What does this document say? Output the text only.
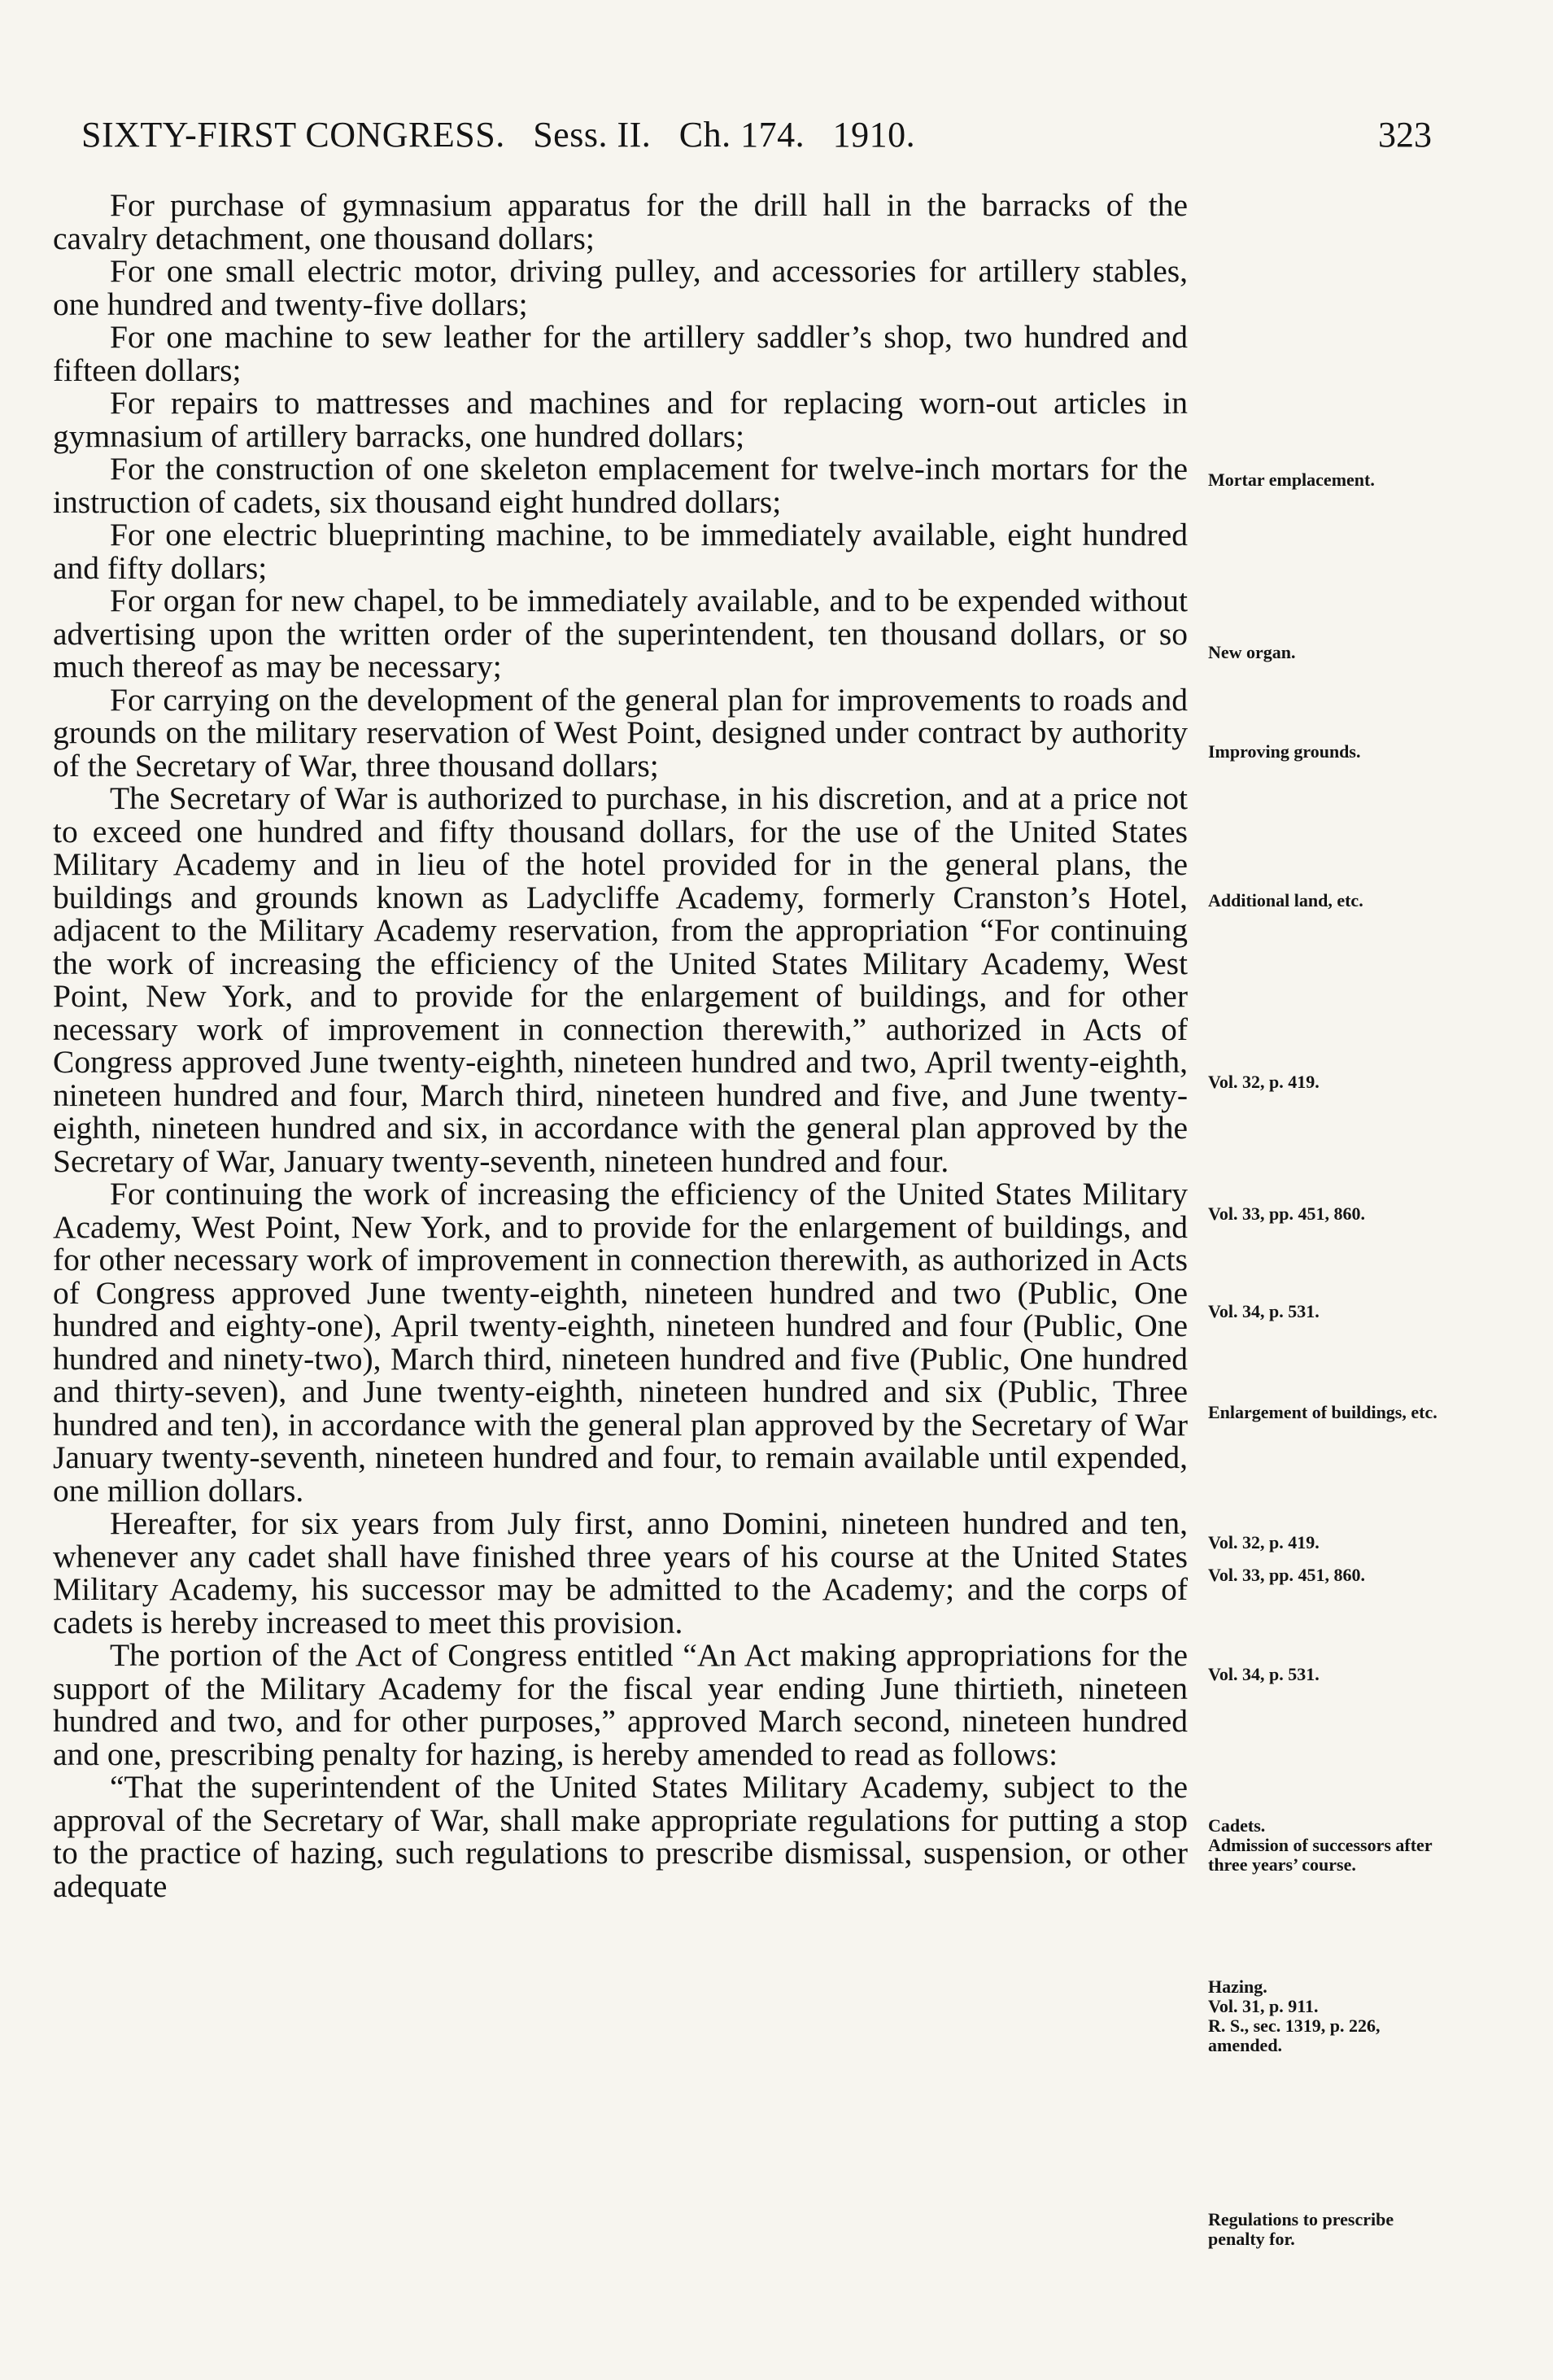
SIXTY-FIRST CONGRESS. Sess. II. Ch. 174. 1910.	323

For purchase of gymnasium apparatus for the drill hall in the barracks of the cavalry detachment, one thousand dollars;

For one small electric motor, driving pulley, and accessories for artillery stables, one hundred and twenty-five dollars;

For one machine to sew leather for the artillery saddler’s shop, two hundred and fifteen dollars;

For repairs to mattresses and machines and for replacing worn-out articles in gymnasium of artillery barracks, one hundred dollars;

For the construction of one skeleton emplacement for twelve-inch mortars for the instruction of cadets, six thousand eight hundred dollars;

For one electric blueprinting machine, to be immediately available, eight hundred and fifty dollars;

For organ for new chapel, to be immediately available, and to be expended without advertising upon the written order of the superintendent, ten thousand dollars, or so much thereof as may be necessary;

For carrying on the development of the general plan for improvements to roads and grounds on the military reservation of West Point, designed under contract by authority of the Secretary of War, three thousand dollars;

The Secretary of War is authorized to purchase, in his discretion, and at a price not to exceed one hundred and fifty thousand dollars, for the use of the United States Military Academy and in lieu of the hotel provided for in the general plans, the buildings and grounds known as Ladycliffe Academy, formerly Cranston’s Hotel, adjacent to the Military Academy reservation, from the appropriation “For continuing the work of increasing the efficiency of the United States Military Academy, West Point, New York, and to provide for the enlargement of buildings, and for other necessary work of improvement in connection therewith,” authorized in Acts of Congress approved June twenty-eighth, nineteen hundred and two, April twenty-eighth, nineteen hundred and four, March third, nineteen hundred and five, and June twenty-eighth, nineteen hundred and six, in accordance with the general plan approved by the Secretary of War, January twenty-seventh, nineteen hundred and four.

For continuing the work of increasing the efficiency of the United States Military Academy, West Point, New York, and to provide for the enlargement of buildings, and for other necessary work of improvement in connection therewith, as authorized in Acts of Congress approved June twenty-eighth, nineteen hundred and two (Public, One hundred and eighty-one), April twenty-eighth, nineteen hundred and four (Public, One hundred and ninety-two), March third, nineteen hundred and five (Public, One hundred and thirty-seven), and June twenty-eighth, nineteen hundred and six (Public, Three hundred and ten), in accordance with the general plan approved by the Secretary of War January twenty-seventh, nineteen hundred and four, to remain available until expended, one million dollars.

Hereafter, for six years from July first, anno Domini, nineteen hundred and ten, whenever any cadet shall have finished three years of his course at the United States Military Academy, his successor may be admitted to the Academy; and the corps of cadets is hereby increased to meet this provision.

The portion of the Act of Congress entitled “An Act making appropriations for the support of the Military Academy for the fiscal year ending June thirtieth, nineteen hundred and two, and for other purposes,” approved March second, nineteen hundred and one, prescribing penalty for hazing, is hereby amended to read as follows:

“That the superintendent of the United States Military Academy, subject to the approval of the Secretary of War, shall make appropriate regulations for putting a stop to the practice of hazing, such regulations to prescribe dismissal, suspension, or other adequate

Mortar emplacement.
New organ.
Improving grounds.
Additional land, etc.
Vol. 32, p. 419.
Vol. 33, pp. 451, 860.
Vol. 34, p. 531.
Enlargement of buildings, etc.
Vol. 32, p. 419.
Vol. 33, pp. 451, 860.
Vol. 34, p. 531.
Cadets.
Admission of successors after three years’ course.
Hazing.
Vol. 31, p. 911.
R. S., sec. 1319, p. 226, amended.
Regulations to prescribe penalty for.
